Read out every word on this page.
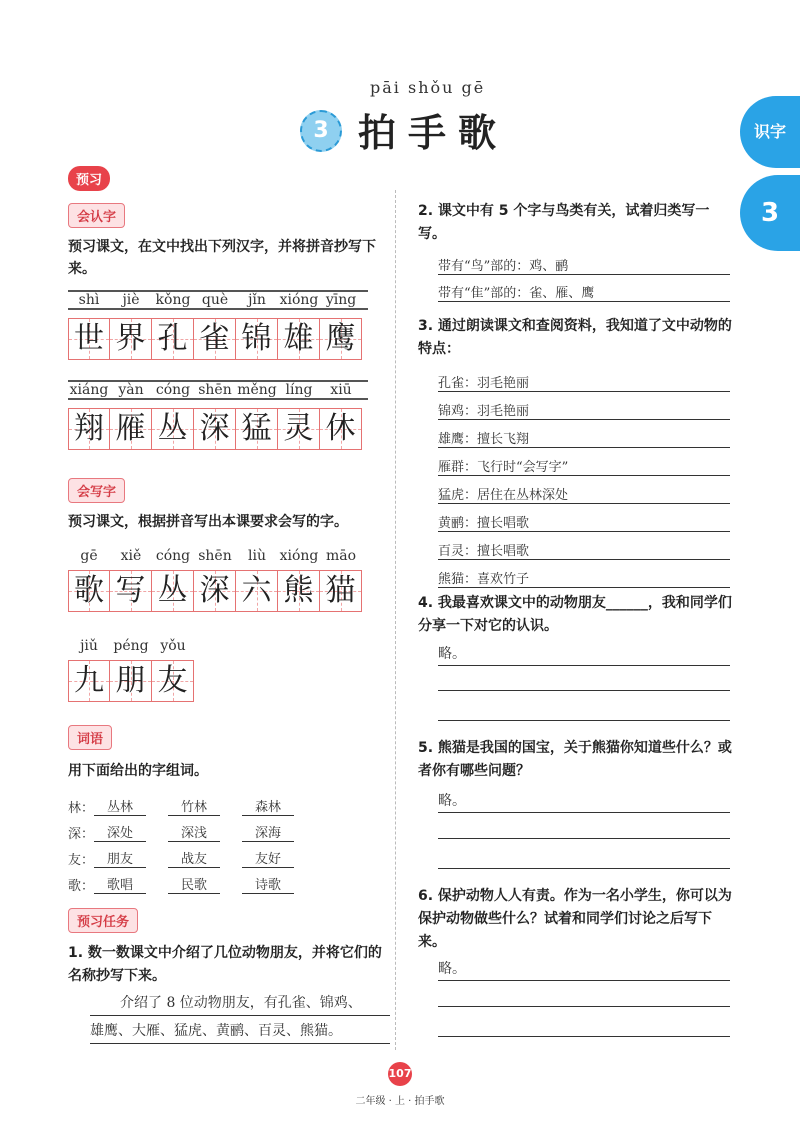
pāi shǒu gē
3 拍手歌	识字
3
预习
会认字
预习课文，在文中找出下列汉字，并将拼音抄写下来。
shì	jiè	kǒng què	jǐn xióng yīng
世 界 孔 雀 锦 雄 鹰
xiáng yàn cóng shēn měng líng	xiū
翔 雁 丛 深 猛 灵 休
会写字
预习课文，根据拼音写出本课要求会写的字。
gē	xiě	cóng shēn	liù xióng māo
歌 写 丛 深 六 熊 猫
jiǔ	péng yǒu
九 朋 友
词语
用下面给出的字组词。
林： 丛林	竹林	森林
深： 深处	深浅	深海
友： 朋友	战友	友好
歌： 歌唱	民歌	诗歌
预习任务
1. 数一数课文中介绍了几位动物朋友，并将它们的名称抄写下来。
介绍了 8 位动物朋友，有孔雀、锦鸡、
雄鹰、大雁、猛虎、黄鹂、百灵、熊猫。
2. 课文中有 5 个字与鸟类有关，试着归类写一写。
带有“鸟”部的： 鸡、鹂
带有“隹”部的： 雀、雁、鹰
3. 通过朗读课文和查阅资料，我知道了文中动物的特点：
孔雀： 羽毛艳丽
锦鸡： 羽毛艳丽
雄鹰： 擅长飞翔
雁群： 飞行时“会写字”
猛虎： 居住在丛林深处
黄鹂： 擅长唱歌
百灵： 擅长唱歌
熊猫： 喜欢竹子
4. 我最喜欢课文中的动物朋友______，我和同学们分享一下对它的认识。
略。
5. 熊猫是我国的国宝，关于熊猫你知道些什么？或者你有哪些问题？
略。
6. 保护动物人人有责。作为一名小学生，你可以为保护动物做些什么？试着和同学们讨论之后写下来。
略。
107
二年级 · 上 · 拍手歌
